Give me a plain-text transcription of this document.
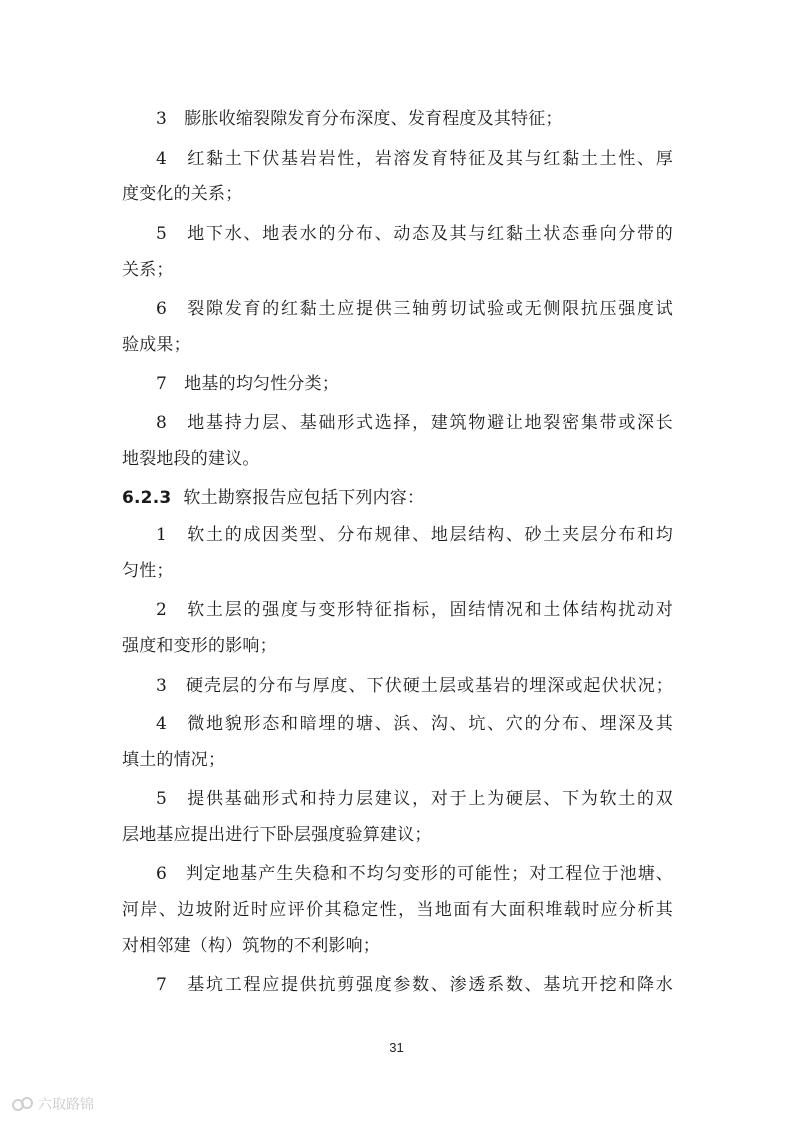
3　膨胀收缩裂隙发育分布深度、发育程度及其特征；
4　红黏土下伏基岩岩性，岩溶发育特征及其与红黏土土性、厚
度变化的关系；
5　地下水、地表水的分布、动态及其与红黏土状态垂向分带的
关系；
6　裂隙发育的红黏土应提供三轴剪切试验或无侧限抗压强度试
验成果；
7　地基的均匀性分类；
8　地基持力层、基础形式选择，建筑物避让地裂密集带或深长
地裂地段的建议。
6.2.3 软土勘察报告应包括下列内容：
1　软土的成因类型、分布规律、地层结构、砂土夹层分布和均
匀性；
2　软土层的强度与变形特征指标，固结情况和土体结构扰动对
强度和变形的影响；
3　硬壳层的分布与厚度、下伏硬土层或基岩的埋深或起伏状况；
4　微地貌形态和暗埋的塘、浜、沟、坑、穴的分布、埋深及其
填土的情况；
5　提供基础形式和持力层建议，对于上为硬层、下为软土的双
层地基应提出进行下卧层强度验算建议；
6　判定地基产生失稳和不均匀变形的可能性；对工程位于池塘、
河岸、边坡附近时应评价其稳定性，当地面有大面积堆载时应分析其
对相邻建（构）筑物的不利影响；
7　基坑工程应提供抗剪强度参数、渗透系数、基坑开挖和降水
31
六取路锦
